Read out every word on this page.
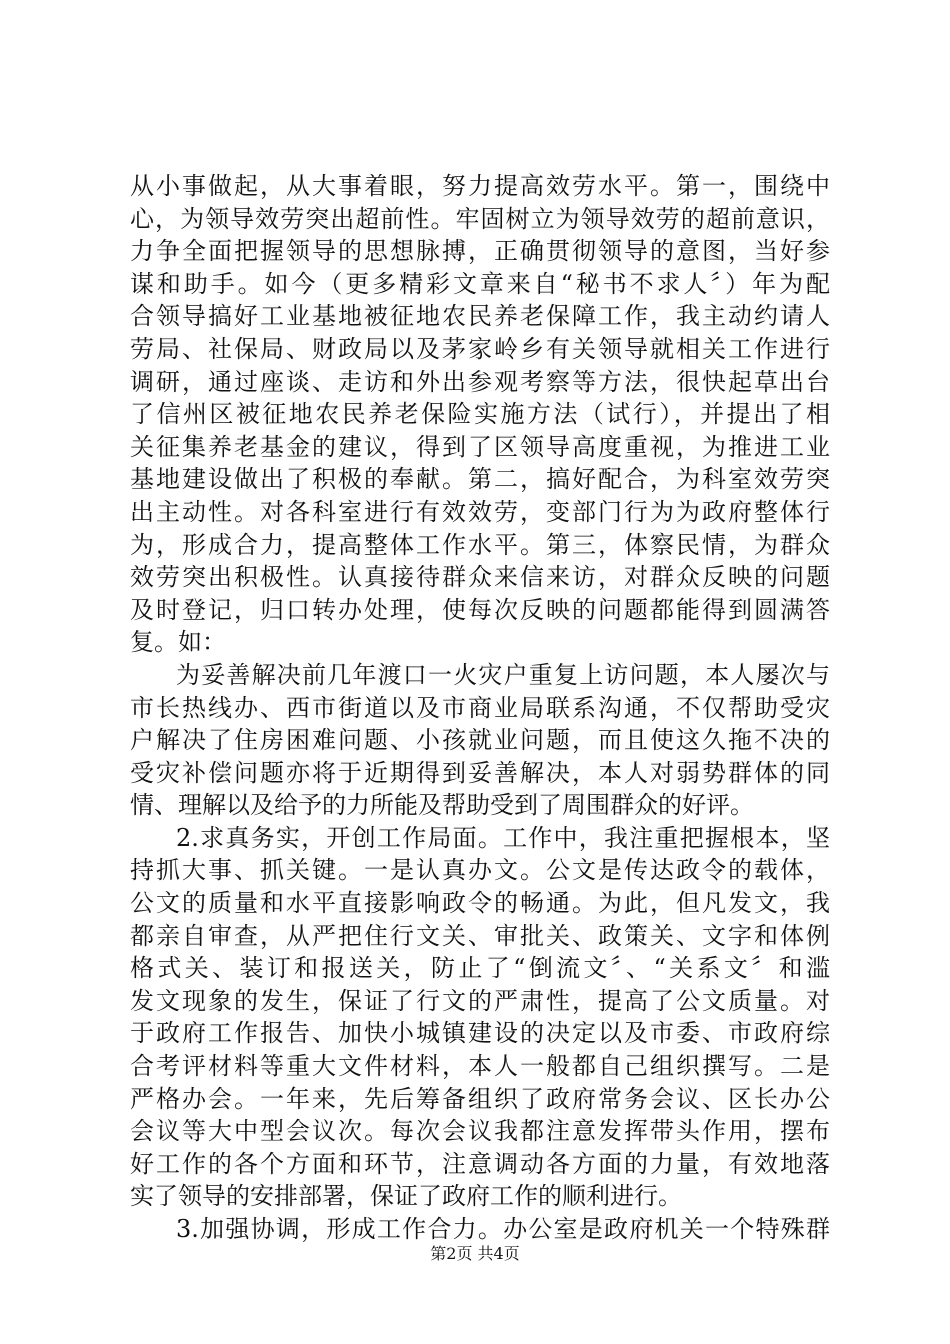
从小事做起，从大事着眼，努力提高效劳水平。第一，围绕中
心，为领导效劳突出超前性。牢固树立为领导效劳的超前意识，
力争全面把握领导的思想脉搏，正确贯彻领导的意图，当好参
谋和助手。如今（更多精彩文章来自“秘书不求人〞）年为配
合领导搞好工业基地被征地农民养老保障工作，我主动约请人
劳局、社保局、财政局以及茅家岭乡有关领导就相关工作进行
调研，通过座谈、走访和外出参观考察等方法，很快起草出台
了信州区被征地农民养老保险实施方法（试行），并提出了相
关征集养老基金的建议，得到了区领导高度重视，为推进工业
基地建设做出了积极的奉献。第二，搞好配合，为科室效劳突
出主动性。对各科室进行有效效劳，变部门行为为政府整体行
为，形成合力，提高整体工作水平。第三，体察民情，为群众
效劳突出积极性。认真接待群众来信来访，对群众反映的问题
及时登记，归口转办处理，使每次反映的问题都能得到圆满答
复。如：
为妥善解决前几年渡口一火灾户重复上访问题，本人屡次与
市长热线办、西市街道以及市商业局联系沟通，不仅帮助受灾
户解决了住房困难问题、小孩就业问题，而且使这久拖不决的
受灾补偿问题亦将于近期得到妥善解决，本人对弱势群体的同
情、理解以及给予的力所能及帮助受到了周围群众的好评。
2.求真务实，开创工作局面。工作中，我注重把握根本，坚
持抓大事、抓关键。一是认真办文。公文是传达政令的载体，
公文的质量和水平直接影响政令的畅通。为此，但凡发文，我
都亲自审查，从严把住行文关、审批关、政策关、文字和体例
格式关、装订和报送关，防止了“倒流文〞、“关系文〞和滥
发文现象的发生，保证了行文的严肃性，提高了公文质量。对
于政府工作报告、加快小城镇建设的决定以及市委、市政府综
合考评材料等重大文件材料，本人一般都自己组织撰写。二是
严格办会。一年来，先后筹备组织了政府常务会议、区长办公
会议等大中型会议次。每次会议我都注意发挥带头作用，摆布
好工作的各个方面和环节，注意调动各方面的力量，有效地落
实了领导的安排部署，保证了政府工作的顺利进行。
3.加强协调，形成工作合力。办公室是政府机关一个特殊群
第2页 共4页
